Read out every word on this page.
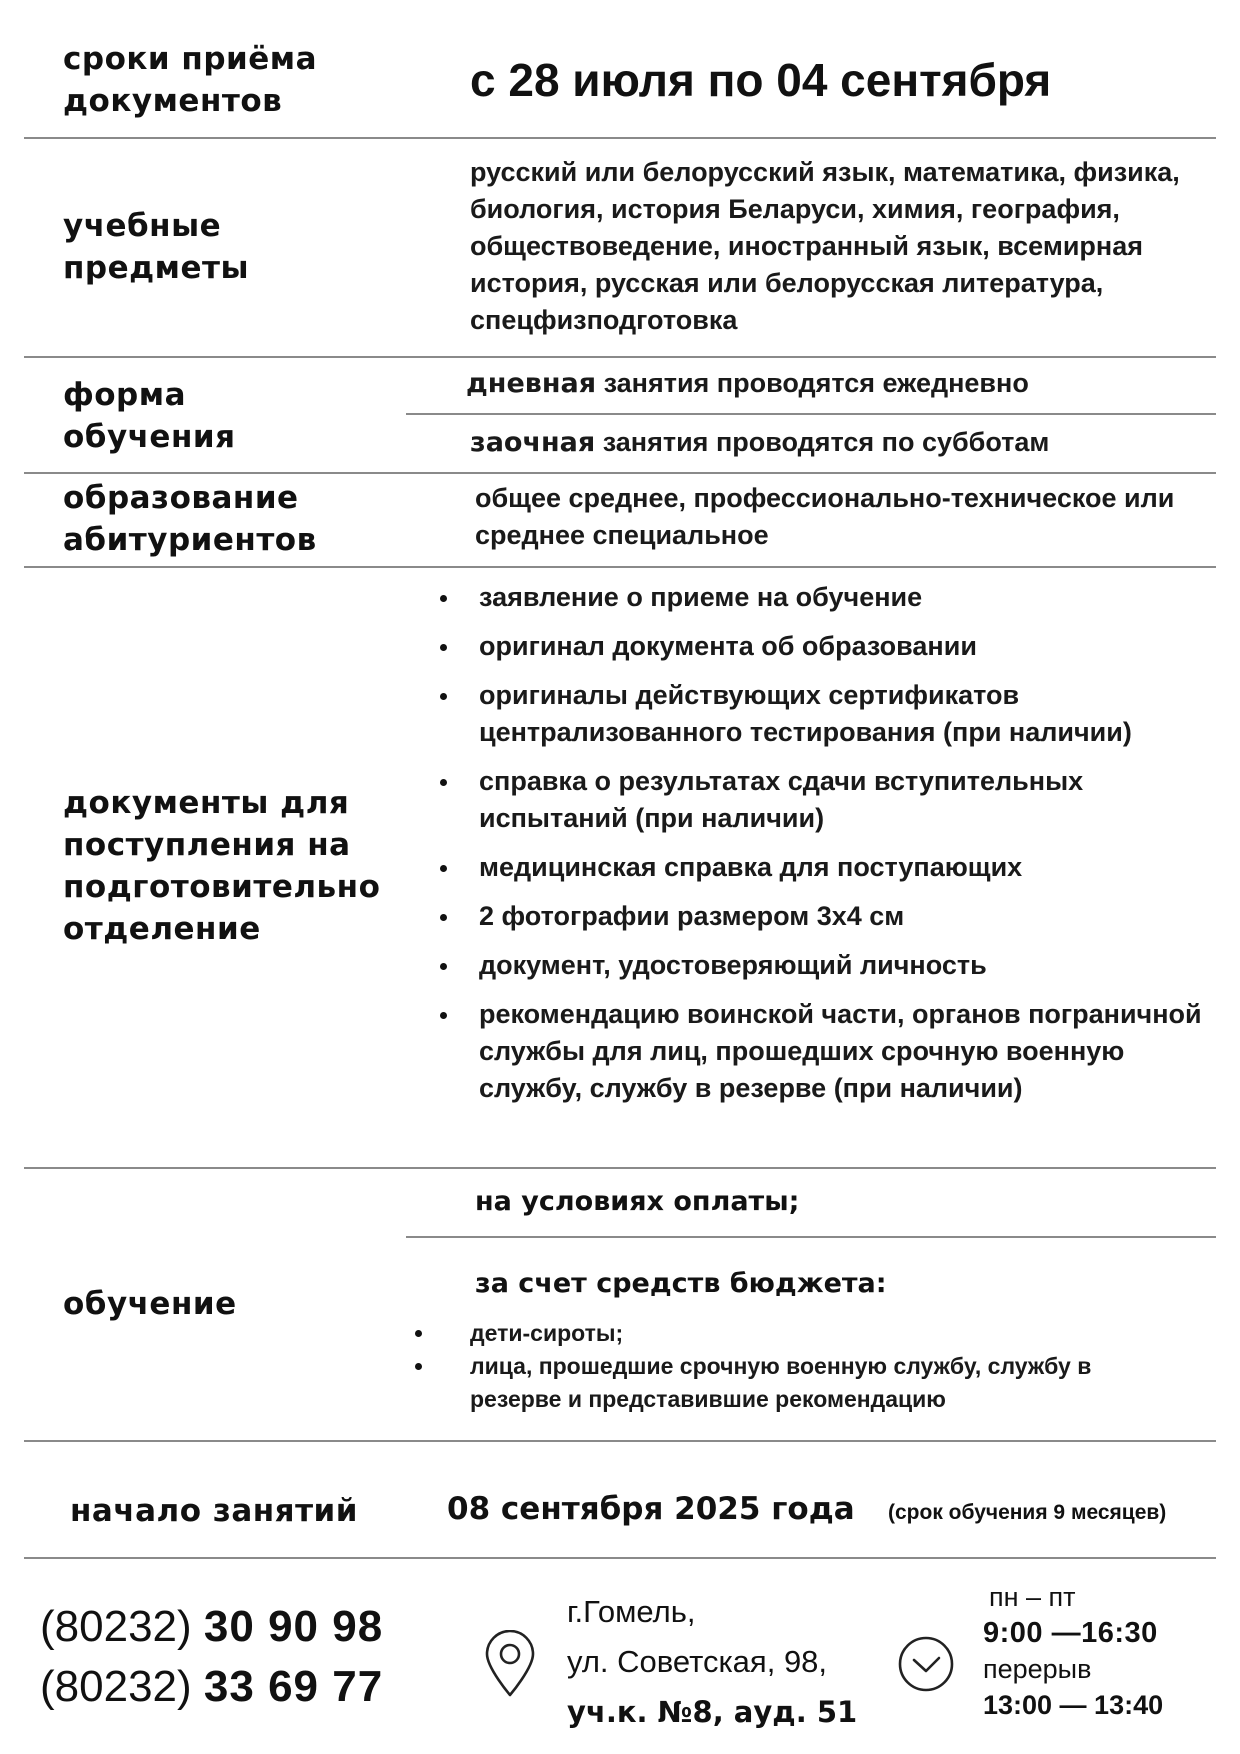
сроки приёма документов	с 28 июля по 04 сентября
учебные предметы
русский или белорусский язык, математика, физика, биология, история Беларуси, химия, география, обществоведение, иностранный язык, всемирная история, русская или белорусская литература, спецфизподготовка
форма обучения
дневная занятия проводятся ежедневно
заочная занятия проводятся по субботам
образование абитуриентов
общее среднее, профессионально-техническое или среднее специальное
документы для поступления на подготовительно отделение
заявление о приеме на обучение
оригинал документа об образовании
оригиналы действующих сертификатов централизованного тестирования (при наличии)
справка о результатах сдачи вступительных испытаний (при наличии)
медицинская справка для поступающих
2 фотографии размером 3х4 см
документ, удостоверяющий личность
рекомендацию воинской части, органов пограничной службы для лиц, прошедших срочную военную службу, службу в резерве (при наличии)
обучение
на условиях оплаты;
за счет средств бюджета:
дети-сироты;
лица, прошедшие срочную военную службу, службу в резерве и представившие рекомендацию
начало занятий	08 сентября 2025 года (срок обучения 9 месяцев)
(80232) 30 90 98
(80232) 33 69 77
г.Гомель,
ул. Советская, 98,
уч.к. №8, ауд. 51
пн – пт
9:00 —16:30
перерыв
13:00 — 13:40
